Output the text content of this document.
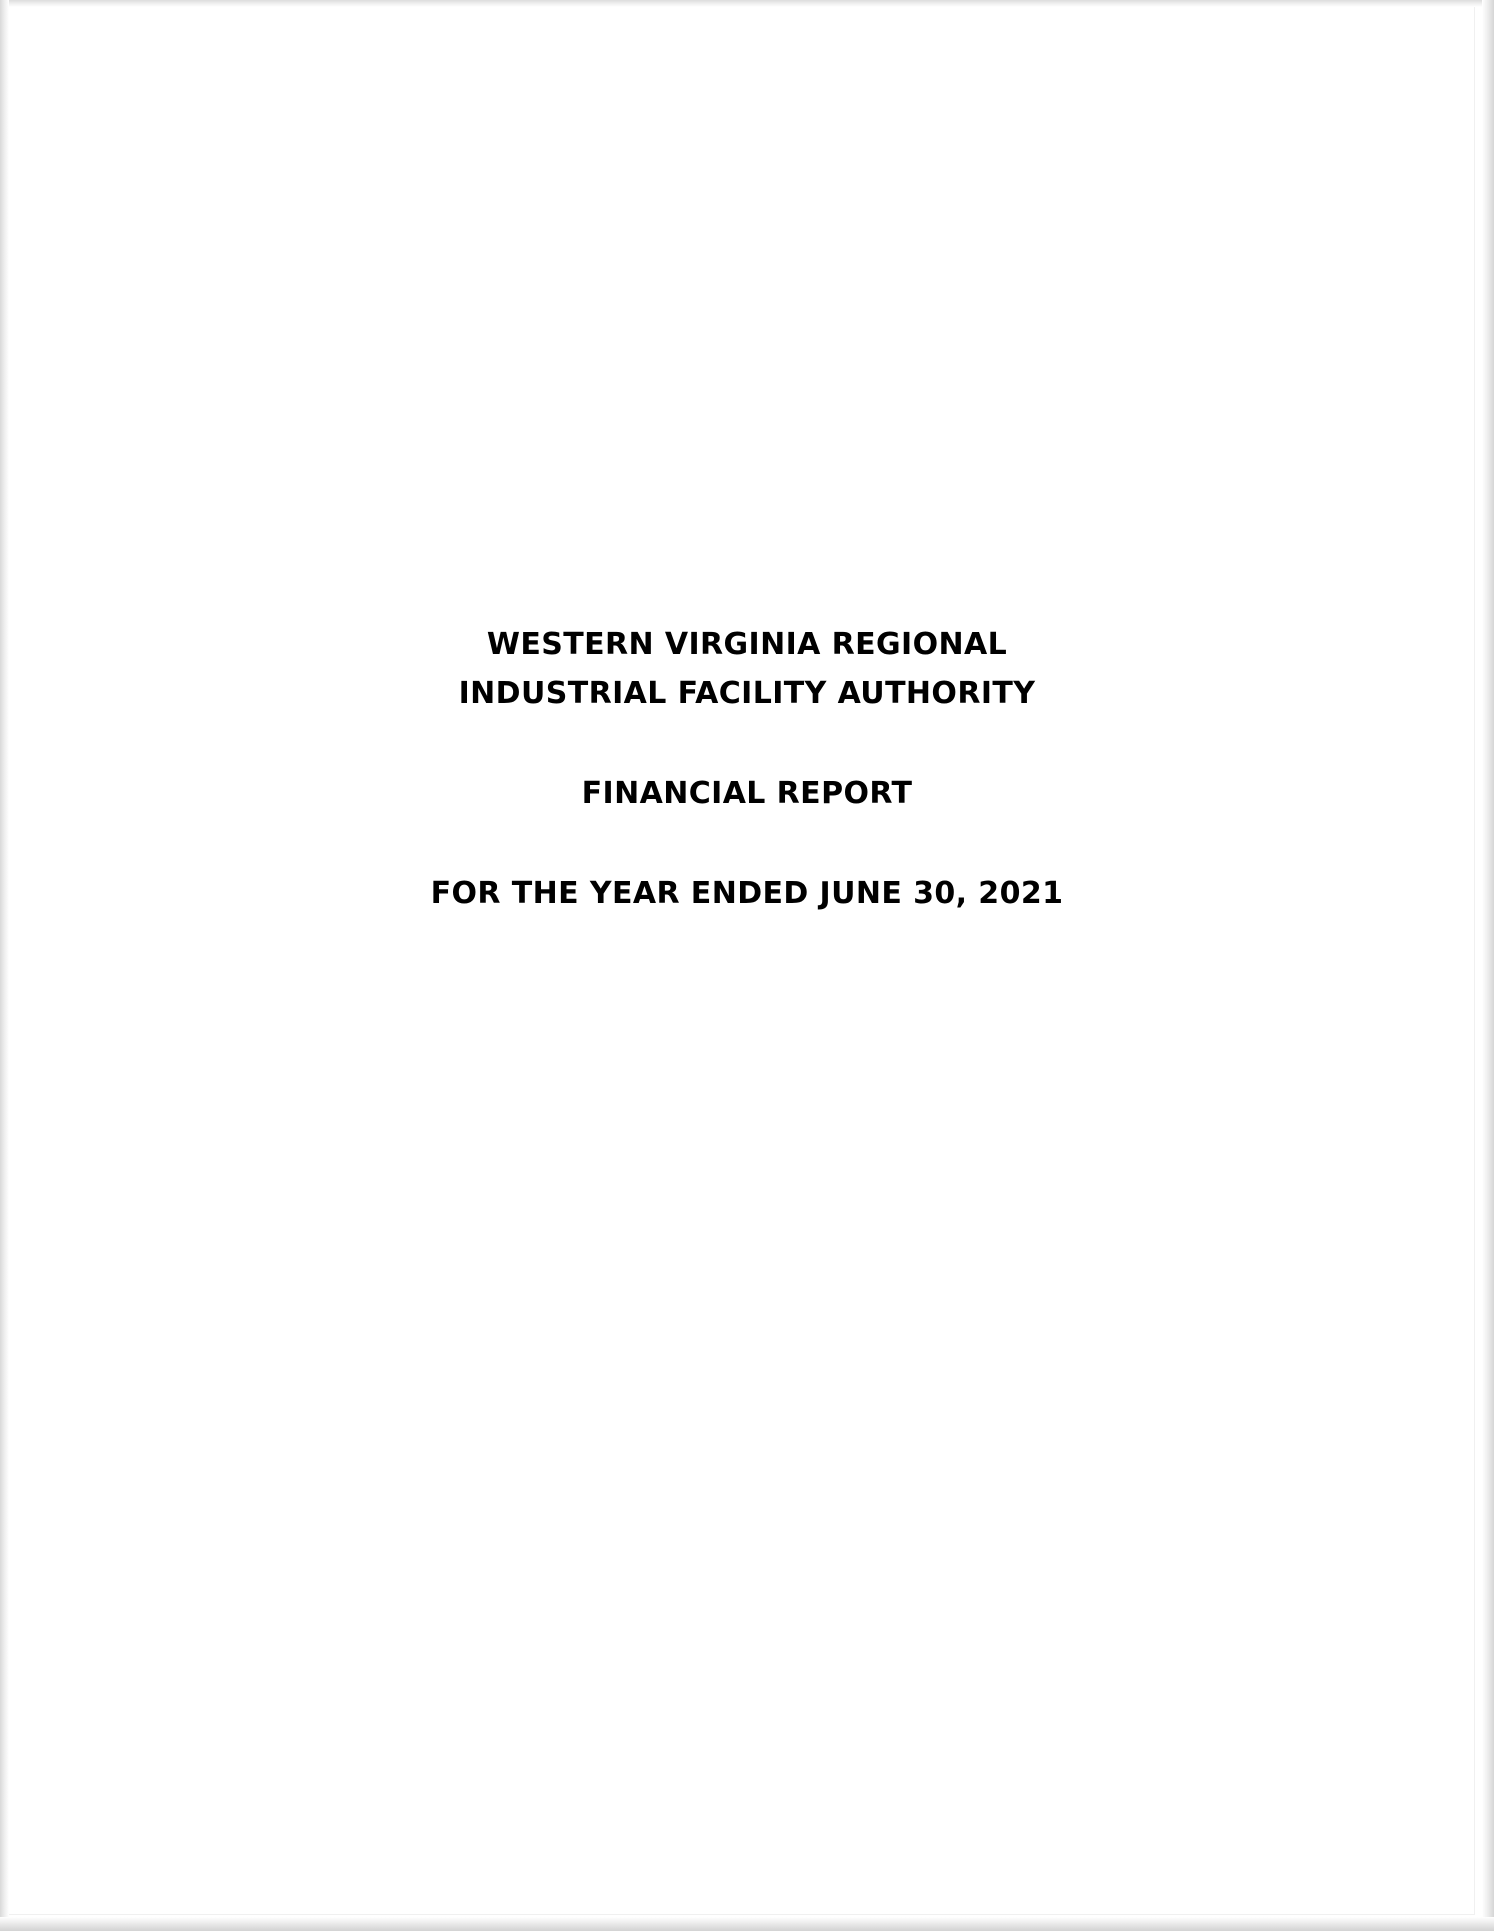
WESTERN VIRGINIA REGIONAL
INDUSTRIAL FACILITY AUTHORITY
FINANCIAL REPORT
FOR THE YEAR ENDED JUNE 30, 2021
